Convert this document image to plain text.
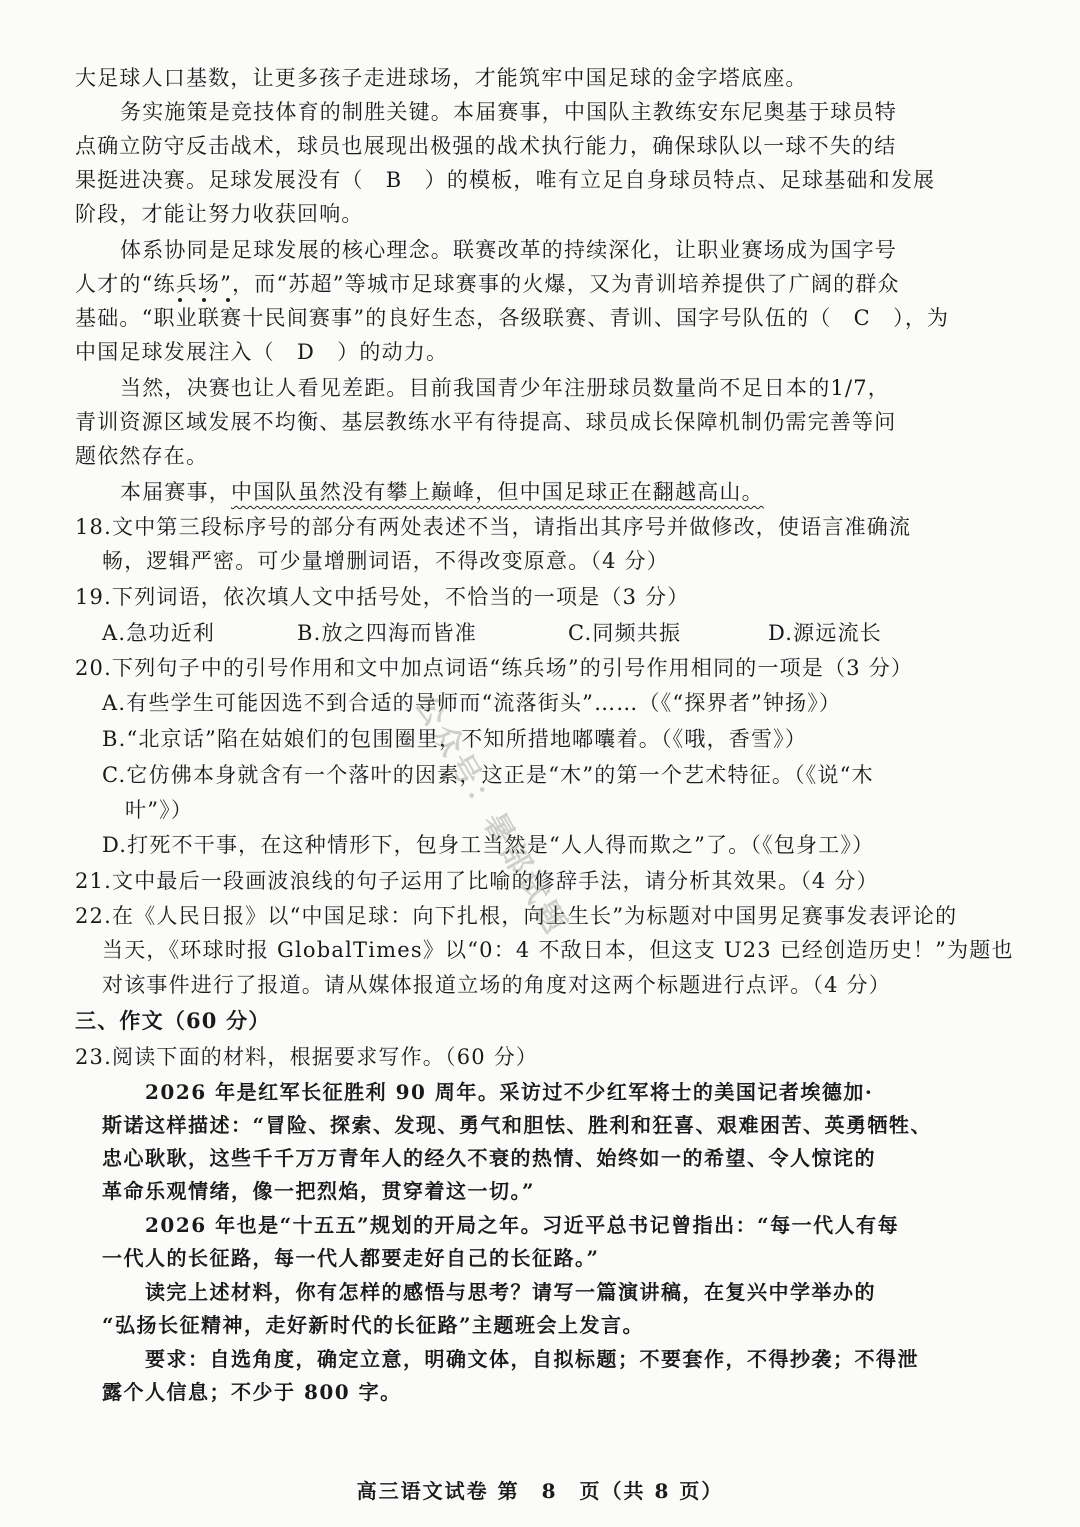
大足球人口基数，让更多孩子走进球场，才能筑牢中国足球的金字塔底座。
务实施策是竞技体育的制胜关键。本届赛事，中国队主教练安东尼奥基于球员特
点确立防守反击战术，球员也展现出极强的战术执行能力，确保球队以一球不失的结
果挺进决赛。足球发展没有（　B　）的模板，唯有立足自身球员特点、足球基础和发展
阶段，才能让努力收获回响。
体系协同是足球发展的核心理念。联赛改革的持续深化，让职业赛场成为国字号
人才的“练兵场”，而“苏超”等城市足球赛事的火爆，又为青训培养提供了广阔的群众
基础。“职业联赛十民间赛事”的良好生态，各级联赛、青训、国字号队伍的（　C　），为
中国足球发展注入（　D　）的动力。
当然，决赛也让人看见差距。目前我国青少年注册球员数量尚不足日本的1/7，
青训资源区域发展不均衡、基层教练水平有待提高、球员成长保障机制仍需完善等问
题依然存在。
本届赛事，中国队虽然没有攀上巅峰，但中国足球正在翻越高山。
18.文中第三段标序号的部分有两处表述不当，请指出其序号并做修改，使语言准确流
畅，逻辑严密。可少量增删词语，不得改变原意。（4 分）
19.下列词语，依次填人文中括号处，不恰当的一项是（3 分）
A.急功近利	B.放之四海而皆准	C.同频共振	D.源远流长
20.下列句子中的引号作用和文中加点词语“练兵场”的引号作用相同的一项是（3 分）
A.有些学生可能因选不到合适的导师而“流落街头”……（《“探界者”钟扬》）
B.“北京话”陷在姑娘们的包围圈里，不知所措地嘟囔着。（《哦，香雪》）
C.它仿佛本身就含有一个落叶的因素，这正是“木”的第一个艺术特征。（《说“木
叶”》）
D.打死不干事，在这种情形下，包身工当然是“人人得而欺之”了。（《包身工》）
21.文中最后一段画波浪线的句子运用了比喻的修辞手法，请分析其效果。（4 分）
22.在《人民日报》以“中国足球：向下扎根，向上生长”为标题对中国男足赛事发表评论的
当天，《环球时报 GlobalTimes》以“0：4 不敌日本，但这支 U23 已经创造历史！”为题也
对该事件进行了报道。请从媒体报道立场的角度对这两个标题进行点评。（4 分）
三、作文（60 分）
23.阅读下面的材料，根据要求写作。（60 分）
2026 年是红军长征胜利 90 周年。采访过不少红军将士的美国记者埃德加·
斯诺这样描述：“冒险、探索、发现、勇气和胆怯、胜利和狂喜、艰难困苦、英勇牺牲、
忠心耿耿，这些千千万万青年人的经久不衰的热情、始终如一的希望、令人惊诧的
革命乐观情绪，像一把烈焰，贯穿着这一切。”
2026 年也是“十五五”规划的开局之年。习近平总书记曾指出：“每一代人有每
一代人的长征路，每一代人都要走好自己的长征路。”
读完上述材料，你有怎样的感悟与思考？请写一篇演讲稿，在复兴中学举办的
“弘扬长征精神，走好新时代的长征路”主题班会上发言。
要求：自选角度，确定立意，明确文体，自拟标题；不要套作，不得抄袭；不得泄
露个人信息；不少于 800 字。
公众号：暑部试题
高三语文试卷 第　8　页（共 8 页）
